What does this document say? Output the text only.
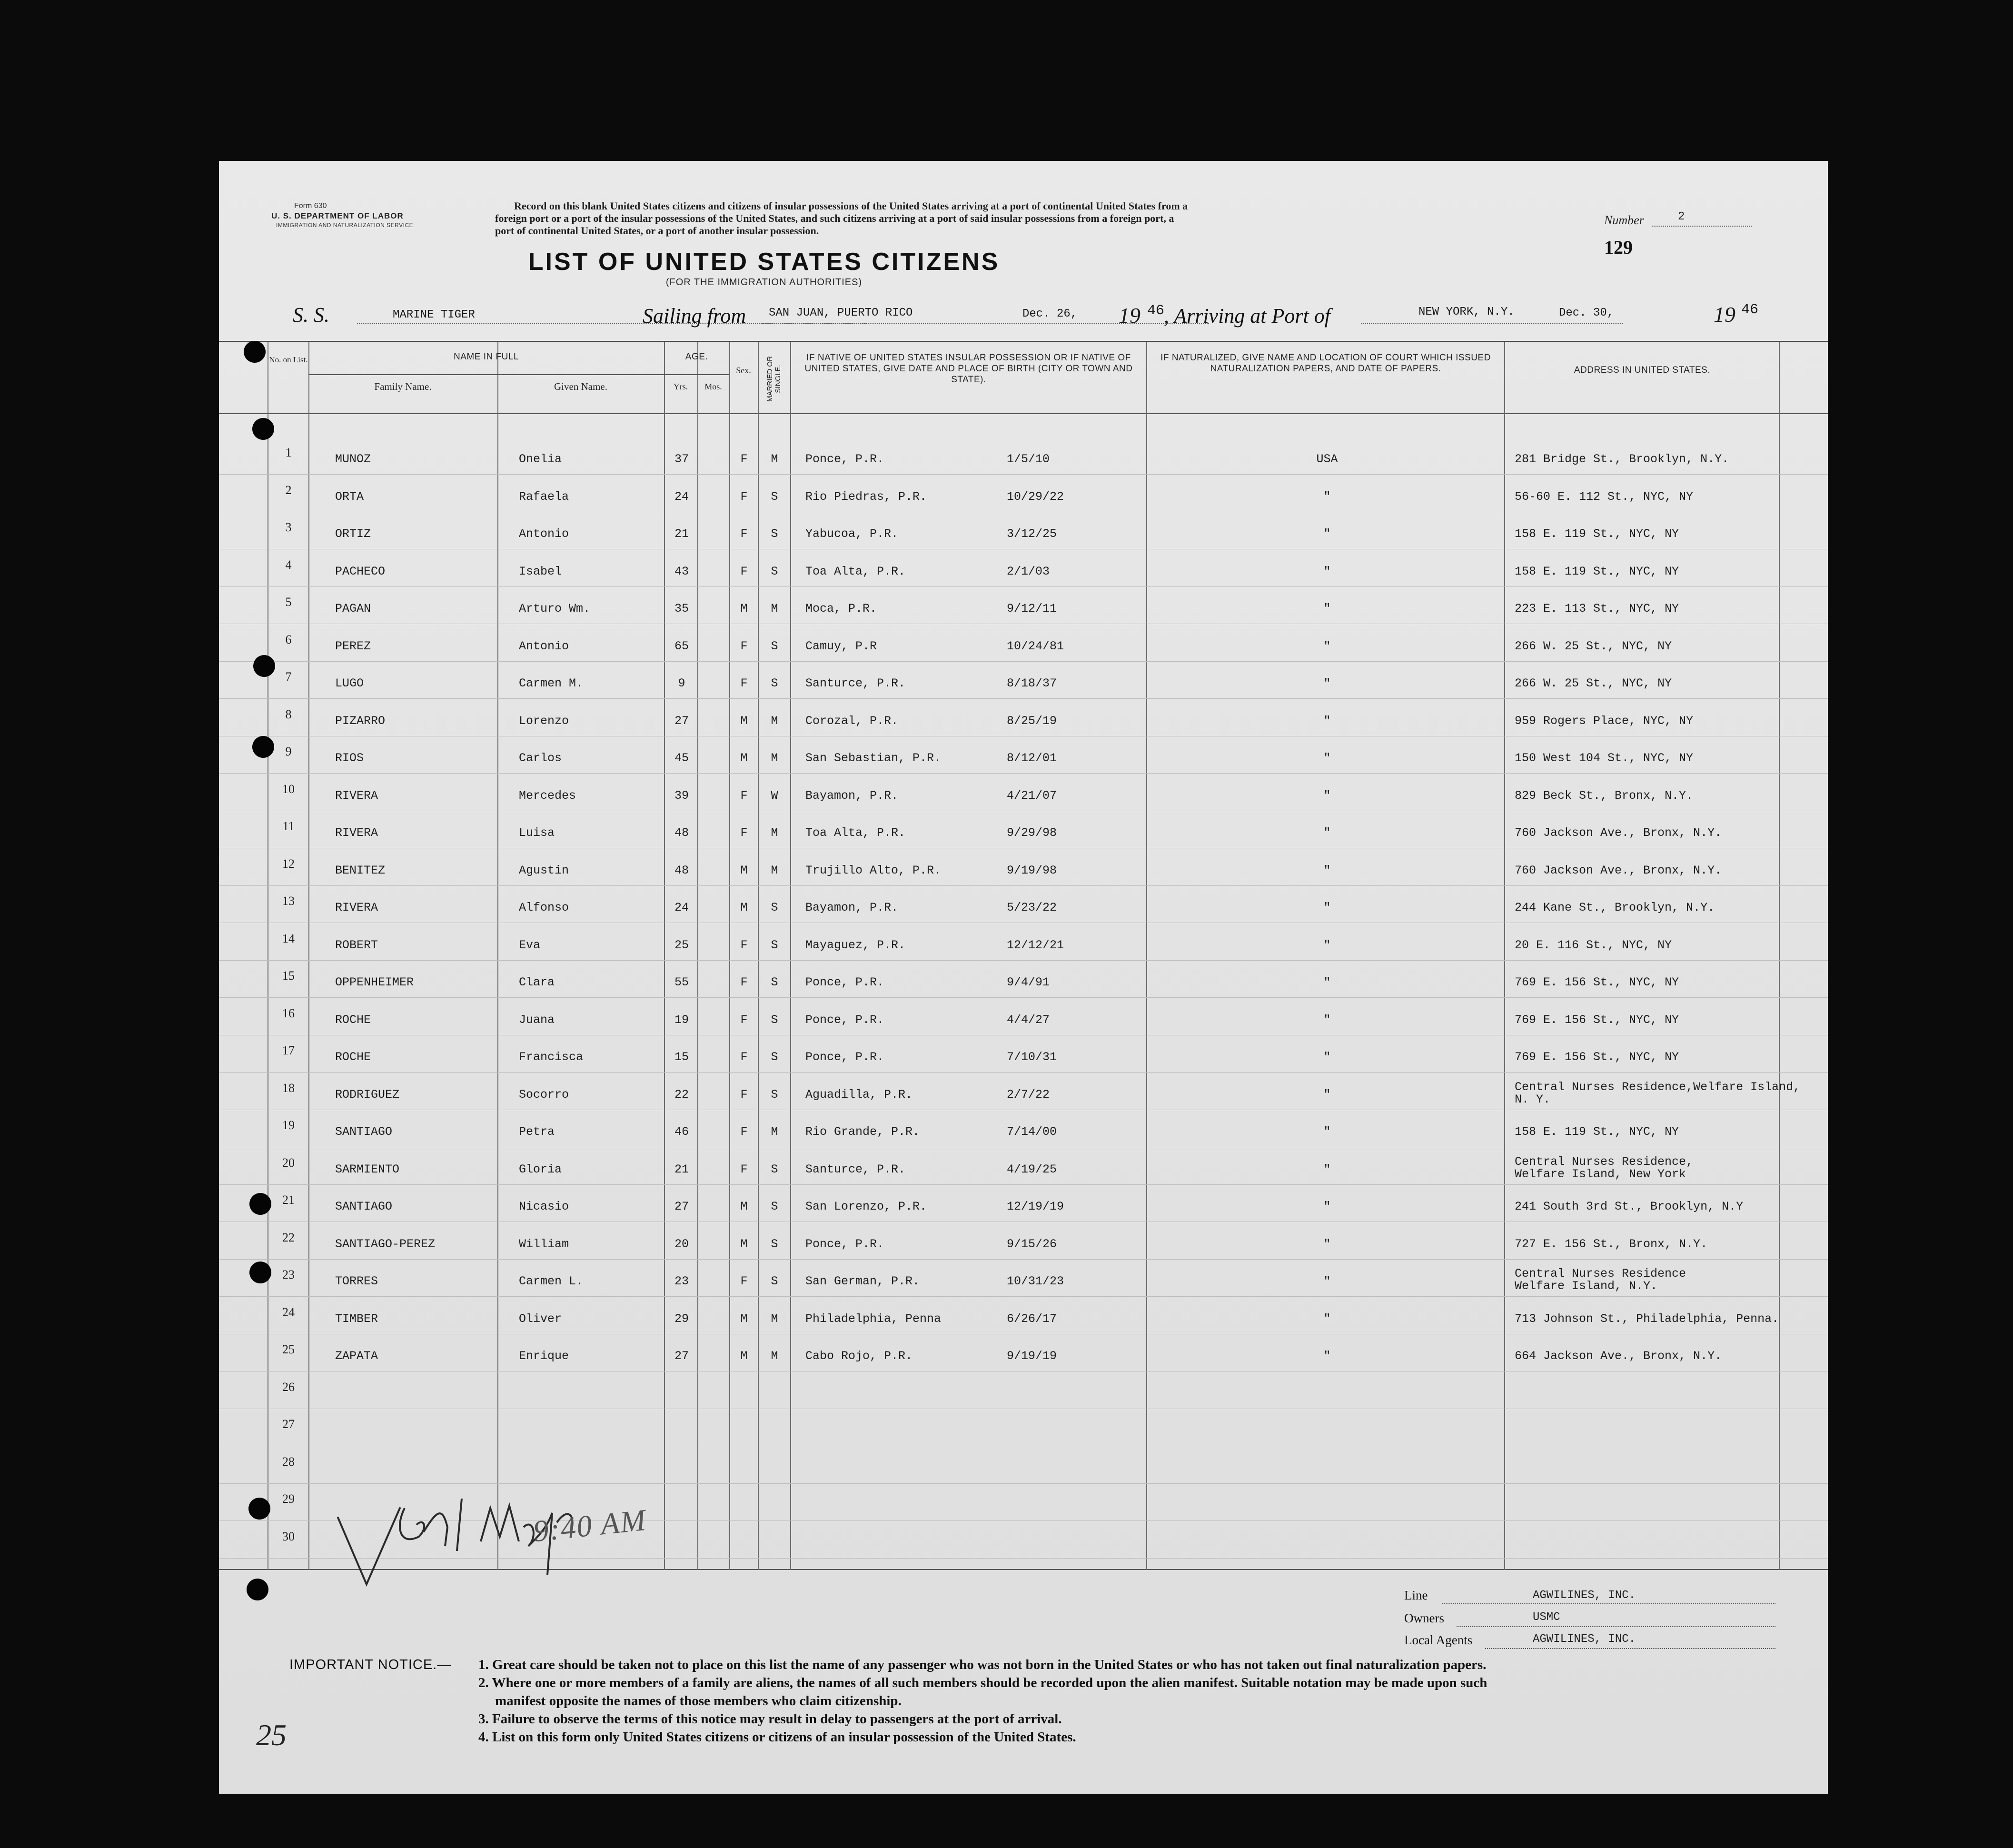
Form 630
U. S. DEPARTMENT OF LABOR
IMMIGRATION AND NATURALIZATION SERVICE
Record on this blank United States citizens and citizens of insular possessions of the United States arriving at a port of continental United States from a
foreign port or a port of the insular possessions of the United States, and such citizens arriving at a port of said insular possessions from a foreign port, a
port of continental United States, or a port of another insular possession.
Number	2
129
LIST OF UNITED STATES CITIZENS
(FOR THE IMMIGRATION AUTHORITIES)
S. S.	MARINE TIGER	Sailing from SAN JUAN, PUERTO RICO	Dec. 26, 19 46
, Arriving at Port of	NEW YORK, N.Y.	Dec. 30,	19 46
No. on List.	NAME IN FULL
Family Name.	Given Name.
AGE.
Yrs.	Mos.
Sex.	MARRIED OR SINGLE.
IF NATIVE OF UNITED STATES INSULAR POSSESSION OR IF NATIVE OF UNITED STATES, GIVE DATE AND PLACE OF BIRTH (CITY OR TOWN AND STATE).
IF NATURALIZED, GIVE NAME AND LOCATION OF COURT WHICH ISSUED NATURALIZATION PAPERS, AND DATE OF PAPERS.	ADDRESS IN UNITED STATES.
1	MUNOZ	Onelia	37	F	M	Ponce, P.R.	1/5/10	USA	281 Bridge St., Brooklyn, N.Y.
2	ORTA	Rafaela	24	F	S	Rio Piedras, P.R.	10/29/22	"	56-60 E. 112 St., NYC, NY
3	ORTIZ	Antonio	21	F	S	Yabucoa, P.R.	3/12/25	"	158 E. 119 St., NYC, NY
4	PACHECO	Isabel	43	F	S	Toa Alta, P.R.	2/1/03	"	158 E. 119 St., NYC, NY
5	PAGAN	Arturo Wm.	35	M	M	Moca, P.R.	9/12/11	"	223 E. 113 St., NYC, NY
6	PEREZ	Antonio	65	F	S	Camuy, P.R	10/24/81	"	266 W. 25 St., NYC, NY
7	LUGO	Carmen M.	9	F	S	Santurce, P.R.	8/18/37	"	266 W. 25 St., NYC, NY
8	PIZARRO	Lorenzo	27	M	M	Corozal, P.R.	8/25/19	"	959 Rogers Place, NYC, NY
9	RIOS	Carlos	45	M	M	San Sebastian, P.R.	8/12/01	"	150 West 104 St., NYC, NY
10	RIVERA	Mercedes	39	F	W	Bayamon, P.R.	4/21/07	"	829 Beck St., Bronx, N.Y.
11	RIVERA	Luisa	48	F	M	Toa Alta, P.R.	9/29/98	"	760 Jackson Ave., Bronx, N.Y.
12	BENITEZ	Agustin	48	M	M	Trujillo Alto, P.R.	9/19/98	"	760 Jackson Ave., Bronx, N.Y.
13	RIVERA	Alfonso	24	M	S	Bayamon, P.R.	5/23/22	"	244 Kane St., Brooklyn, N.Y.
14	ROBERT	Eva	25	F	S	Mayaguez, P.R.	12/12/21	"	20 E. 116 St., NYC, NY
15	OPPENHEIMER	Clara	55	F	S	Ponce, P.R.	9/4/91	"	769 E. 156 St., NYC, NY
16	ROCHE	Juana	19	F	S	Ponce, P.R.	4/4/27	"	769 E. 156 St., NYC, NY
17	ROCHE	Francisca	15	F	S	Ponce, P.R.	7/10/31	"	769 E. 156 St., NYC, NY
18	RODRIGUEZ	Socorro	22	F	S	Aguadilla, P.R.	2/7/22	"
Central Nurses Residence,Welfare Island,
N. Y.
19	SANTIAGO	Petra	46	F	M	Rio Grande, P.R.	7/14/00	"	158 E. 119 St., NYC, NY
20	SARMIENTO	Gloria	21	F	S	Santurce, P.R.	4/19/25	"
Central Nurses Residence,
Welfare Island, New York
21	SANTIAGO	Nicasio	27	M	S	San Lorenzo, P.R.	12/19/19	"	241 South 3rd St., Brooklyn, N.Y
22	SANTIAGO-PEREZ	William	20	M	S	Ponce, P.R.	9/15/26	"	727 E. 156 St., Bronx, N.Y.
23	TORRES	Carmen L.	23	F	S	San German, P.R.	10/31/23	"
Central Nurses Residence
Welfare Island, N.Y.
24	TIMBER	Oliver	29	M	M	Philadelphia, Penna	6/26/17	"	713 Johnson St., Philadelphia, Penna.
25	ZAPATA	Enrique	27	M	M	Cabo Rojo, P.R.	9/19/19	"	664 Jackson Ave., Bronx, N.Y.
26
27
28
29
30	9:40 AM
Line	AGWILINES, INC.
Owners	USMC
Local Agents	AGWILINES, INC.
IMPORTANT NOTICE.— 1. Great care should be taken not to place on this list the name of any passenger who was not born in the United States or who has not taken out final naturalization papers.
2. Where one or more members of a family are aliens, the names of all such members should be recorded upon the alien manifest. Suitable notation may be made upon such
manifest opposite the names of those members who claim citizenship.
3. Failure to observe the terms of this notice may result in delay to passengers at the port of arrival.
4. List on this form only United States citizens or citizens of an insular possession of the United States.
25
